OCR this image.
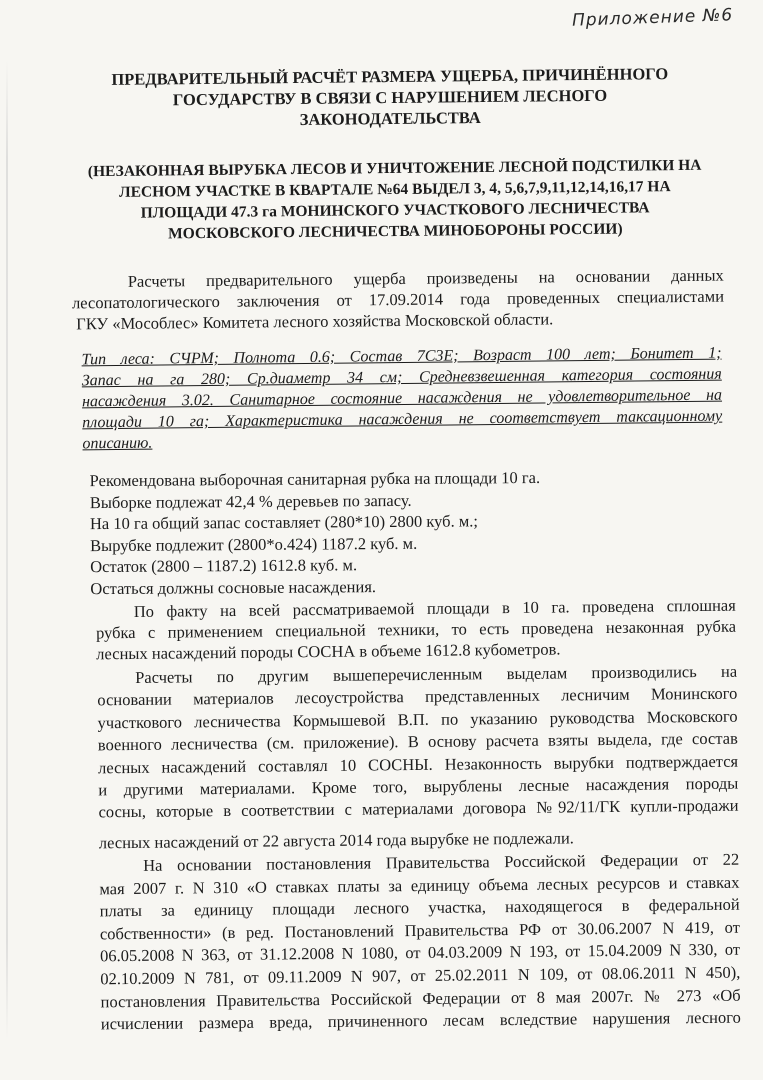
Приложение №6
ПРЕДВАРИТЕЛЬНЫЙ РАСЧЁТ РАЗМЕРА УЩЕРБА, ПРИЧИНЁННОГО
ГОСУДАРСТВУ В СВЯЗИ С НАРУШЕНИЕМ ЛЕСНОГО
ЗАКОНОДАТЕЛЬСТВА
(НЕЗАКОННАЯ ВЫРУБКА ЛЕСОВ И УНИЧТОЖЕНИЕ ЛЕСНОЙ ПОДСТИЛКИ НА
ЛЕСНОМ УЧАСТКЕ В КВАРТАЛЕ №64 ВЫДЕЛ 3, 4, 5,6,7,9,11,12,14,16,17 НА
ПЛОЩАДИ 47.3 га МОНИНСКОГО УЧАСТКОВОГО ЛЕСНИЧЕСТВА
МОСКОВСКОГО ЛЕСНИЧЕСТВА МИНОБОРОНЫ РОССИИ)
Расчеты предварительного ущерба произведены на основании данных
лесопатологического заключения от 17.09.2014 года проведенных специалистами
ГКУ «Мособлес» Комитета лесного хозяйства Московской области.
Тип леса: СЧРМ; Полнота 0.6; Состав 7С3Е; Возраст 100 лет; Бонитет 1;
Запас на га 280; Ср.диаметр 34 см; Средневзвешенная категория состояния
насаждения 3.02. Санитарное состояние насаждения не удовлетворительное на
площади 10 га; Характеристика насаждения не соответствует таксационному
описанию.
Рекомендована выборочная санитарная рубка на площади 10 га.
Выборке подлежат 42,4 % деревьев по запасу.
На 10 га общий запас составляет (280*10) 2800 куб. м.;
Вырубке подлежит (2800*о.424) 1187.2 куб. м.
Остаток (2800 – 1187.2) 1612.8 куб. м.
Остаться должны сосновые насаждения.
По факту на всей рассматриваемой площади в 10 га. проведена сплошная
рубка с применением специальной техники, то есть проведена незаконная рубка
лесных насаждений породы СОСНА в объеме 1612.8 кубометров.
Расчеты по другим вышеперечисленным выделам производились на
основании материалов лесоустройства представленных лесничим Монинского
участкового лесничества Кормышевой В.П. по указанию руководства Московского
военного лесничества (см. приложение). В основу расчета взяты выдела, где состав
лесных насаждений составлял 10 СОСНЫ. Незаконность вырубки подтверждается
и другими материалами. Кроме того, вырублены лесные насаждения породы
сосны, которые в соответствии с материалами договора №92/11/ГК купли-продажи
лесных насаждений от 22 августа 2014 года вырубке не подлежали.
На основании постановления Правительства Российской Федерации от 22
мая 2007 г. N 310 «О ставках платы за единицу объема лесных ресурсов и ставках
платы за единицу площади лесного участка, находящегося в федеральной
собственности» (в ред. Постановлений Правительства РФ от 30.06.2007 N 419, от
06.05.2008 N 363, от 31.12.2008 N 1080, от 04.03.2009 N 193, от 15.04.2009 N 330, от
02.10.2009 N 781, от 09.11.2009 N 907, от 25.02.2011 N 109, от 08.06.2011 N 450),
постановления Правительства Российской Федерации от 8 мая 2007г. № 273 «Об
исчислении размера вреда, причиненного лесам вследствие нарушения лесного
